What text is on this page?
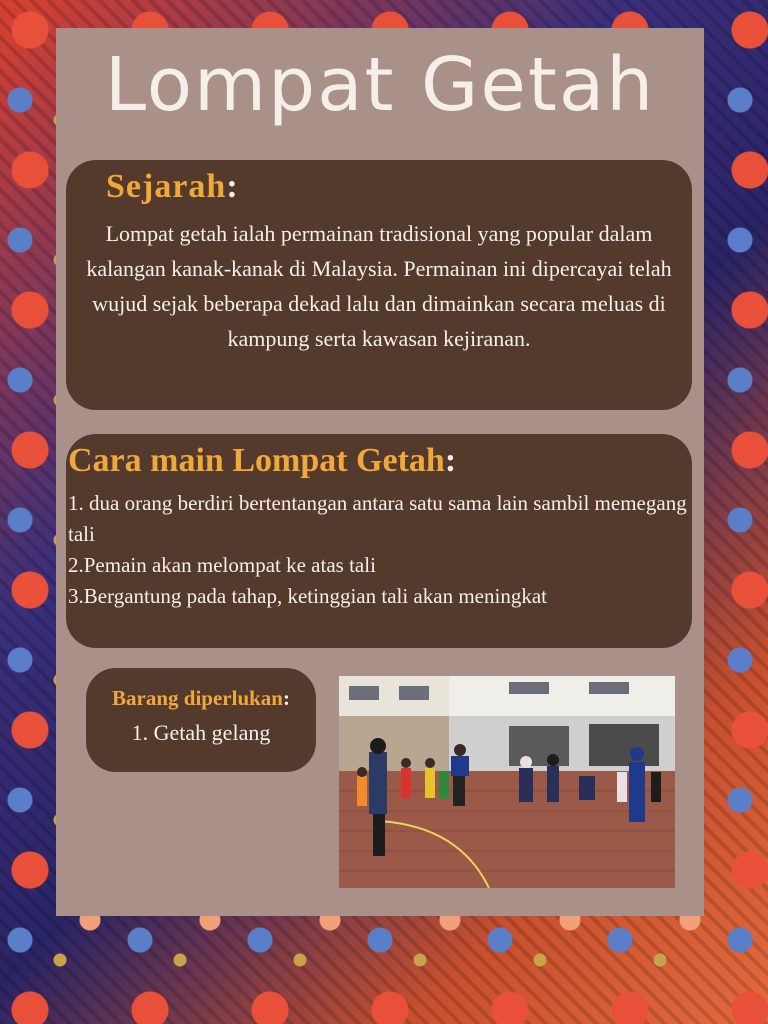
Lompat Getah
Sejarah:

Lompat getah ialah permainan tradisional yang popular dalam kalangan kanak-kanak di Malaysia. Permainan ini dipercayai telah wujud sejak beberapa dekad lalu dan dimainkan secara meluas di kampung serta kawasan kejiranan.

Cara main Lompat Getah:
1. dua orang berdiri bertentangan antara satu sama lain sambil memegang tali
2.Pemain akan melompat ke atas tali
3.Bergantung pada tahap, ketinggian tali akan meningkat
Barang diperlukan:

1. Getah gelang
